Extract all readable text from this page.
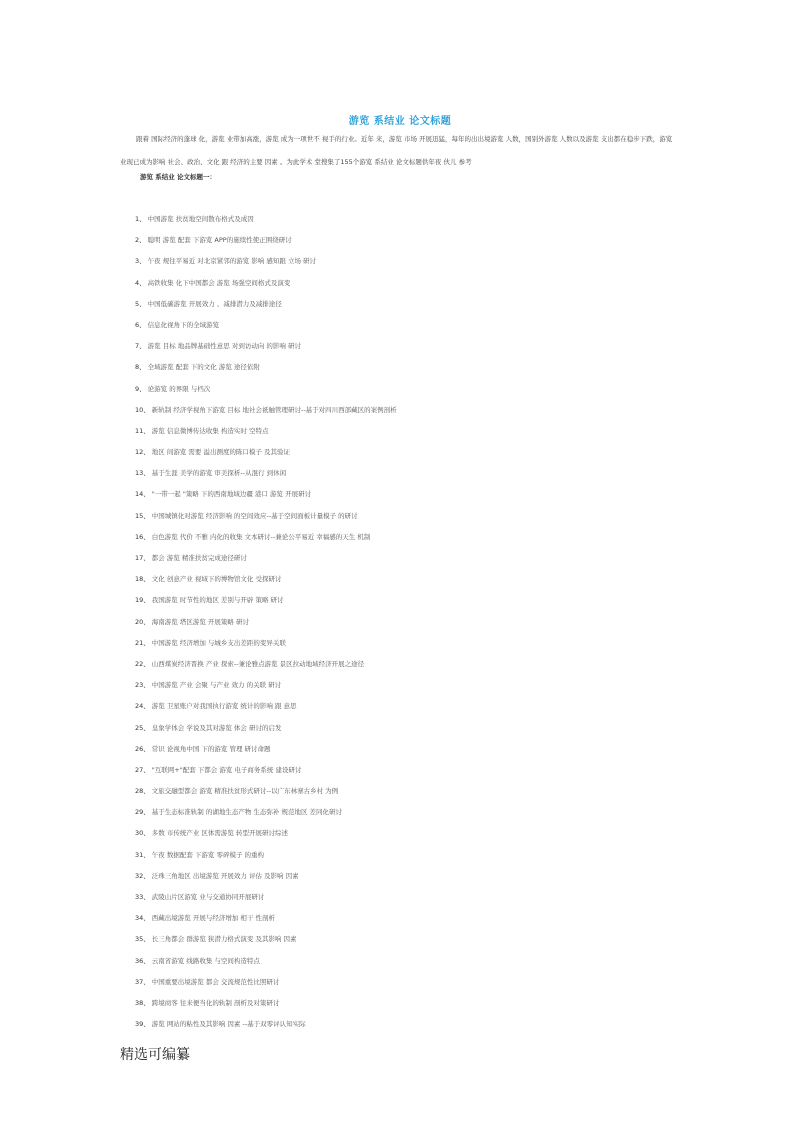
游览 系结业 论文标题
跟着 国际经济的蓬球 化，游览 业带加高涨，游览 成为一项世不 视手的行业。近年 来，游览 市场 开展迅猛，每年的出出境游览 人数，国别外游览 人数以及游览 支出都在稳步下跌，游览 业现已成为影响 社会、政治、文化 跟 经济的主要 因素 。为此学术 堂搜集了155个游览 系结业 论文标题供年夜 伙儿 参考
游览 系结业 论文标题一：
1、 中国游览 扶贫地空间散布格式及成因
2、 聪明 游览 配套 下游览 APP的施续性使正围绕研讨
3、 午夜 规往平易近 对北京紧邻的游览 影响 感知跟 立场 研讨
4、 高铁收集 化下中国都会 游览 场强空间格式及演变
5、 中国低碳游览 开展效力 、减排潜力及减排途径
6、 信息化视角下的全域游览
7、 游览 目标 地品牌基础性意思 对到访动向 的影响 研讨
8、 全域游览 配套 下的文化 游览 途径依附
9、 论游览 的界限 与档次
10、 新轨制 经济学视角下游览 目标 地社会祇触管理研讨--基于对四川西部藏区的案例剖析
11、 游览 信息微博传达收集 构造实时 空特点
12、 地区 间游览 需要 溢出测度的陈口模子 及其验证
13、 基于生涯 美学的游览 审美探析--从混行 到休闲
14、 "一带一起 "策略 下的西南地域边疆 港口 游览 开展研讨
15、 中国城镇化对游览 经济影响 的空间效应--基于空间面板计量模子 的研讨
16、 白色游览 代价 不雅 内化的收集 文本研讨--兼论公平易近 幸福感的天生 机制
17、 都会 游览 精准扶贫完成途径研讨
18、 文化 创意产业 视域下的博物馆文化 受探研讨
19、 我国游览 时节性的地区 差别与开辟 策略 研讨
20、 海南游览 塔区游览 开展策略 研讨
21、 中国游览 经济增加 与城乡支出差距的变异关联
22、 山西煤炭经济晋换 产业 探索--兼论雅点游览 景区拉动地域经济开展之途径
23、 中国游览 产业 会聚 与产业 效力 的关联 研讨
24、 游览 卫星账户对我国执行游览 统计的影响 跟 意思
25、 皇象学体会 学说及其对游览 体会 研讨的启发
26、 常识 论视角中国 下的游览 管理 研讨命题
27、 "互联网+"配套 下都会 游览 电子商务系统 建设研讨
28、 文旅交融型都会 游览 精准扶贫形式研讨--以广东林寨古乡村 为例
29、 基于生态标准轨制 的湖地生态产物 生态弥补 规范地区 差同化研讨
30、 多数 市传统产业 区体需游览 转型开展研讨综述
31、 午夜 数据配套 下游览 零碎模子 的重构
32、 泛珠三角地区 出境游览 开展效力 评估 及影响 因素
33、 武陵山片区游览 业与交通协同开展研讨
34、 西藏出境游览 开展与经济增加 相干 性剖析
35、 长三角都会 群游览 狭潜力格式演变 及其影响 因素
36、 云南省游览 线路收集 与空间构造特点
37、 中国重要出境游览 都会 交流规范性比照研讨
38、 跨境商客 往来便当化的轨制 剖析及对策研讨
39、 游览 网站的粘性及其影响 因素 --基于双零评认知实际
精选可编纂
